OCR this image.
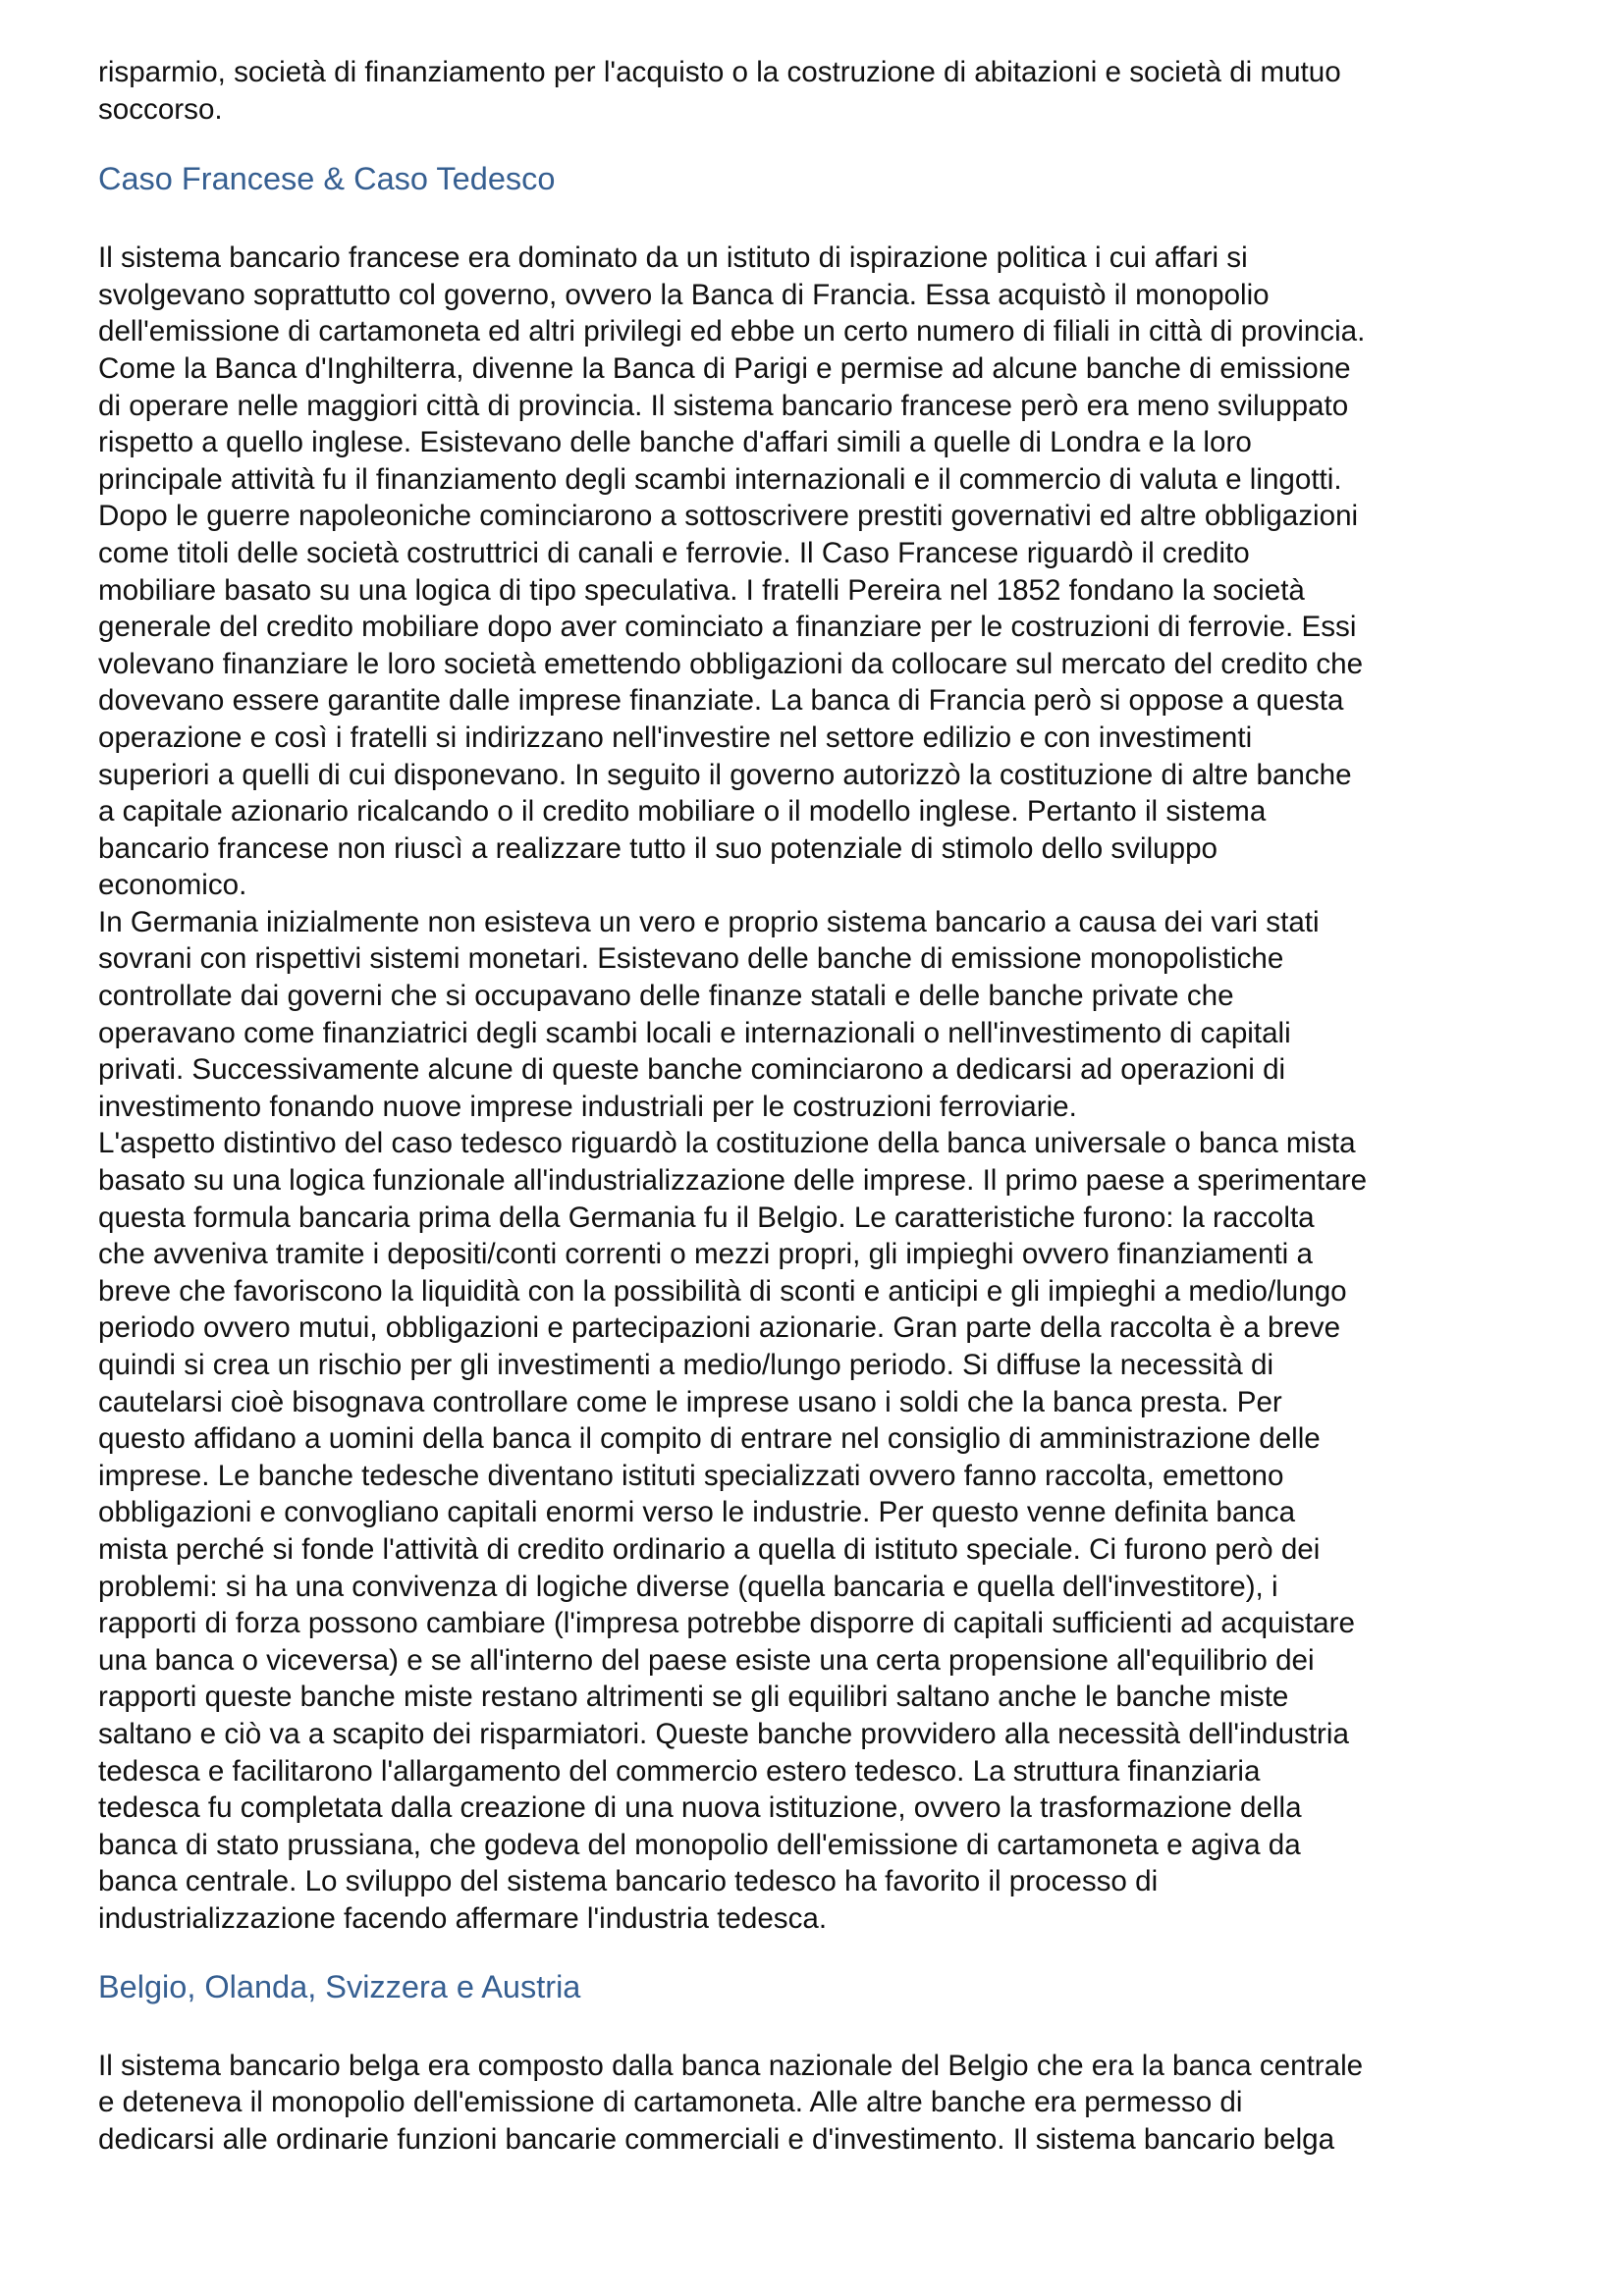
risparmio, società di finanziamento per l'acquisto o la costruzione di abitazioni e società di mutuo
soccorso.
Caso Francese & Caso Tedesco
Il sistema bancario francese era dominato da un istituto di ispirazione politica i cui affari si
svolgevano soprattutto col governo, ovvero la Banca di Francia. Essa acquistò il monopolio
dell'emissione di cartamoneta ed altri privilegi ed ebbe un certo numero di filiali in città di provincia.
Come la Banca d'Inghilterra, divenne la Banca di Parigi e permise ad alcune banche di emissione
di operare nelle maggiori città di provincia. Il sistema bancario francese però era meno sviluppato
rispetto a quello inglese. Esistevano delle banche d'affari simili a quelle di Londra e la loro
principale attività fu il finanziamento degli scambi internazionali e il commercio di valuta e lingotti.
Dopo le guerre napoleoniche cominciarono a sottoscrivere prestiti governativi ed altre obbligazioni
come titoli delle società costruttrici di canali e ferrovie. Il Caso Francese riguardò il credito
mobiliare basato su una logica di tipo speculativa. I fratelli Pereira nel 1852 fondano la società
generale del credito mobiliare dopo aver cominciato a finanziare per le costruzioni di ferrovie. Essi
volevano finanziare le loro società emettendo obbligazioni da collocare sul mercato del credito che
dovevano essere garantite dalle imprese finanziate. La banca di Francia però si oppose a questa
operazione e così i fratelli si indirizzano nell'investire nel settore edilizio e con investimenti
superiori a quelli di cui disponevano. In seguito il governo autorizzò la costituzione di altre banche
a capitale azionario ricalcando o il credito mobiliare o il modello inglese. Pertanto il sistema
bancario francese non riuscì a realizzare tutto il suo potenziale di stimolo dello sviluppo
economico.
In Germania inizialmente non esisteva un vero e proprio sistema bancario a causa dei vari stati
sovrani con rispettivi sistemi monetari. Esistevano delle banche di emissione monopolistiche
controllate dai governi che si occupavano delle finanze statali e delle banche private che
operavano come finanziatrici degli scambi locali e internazionali o nell'investimento di capitali
privati. Successivamente alcune di queste banche cominciarono a dedicarsi ad operazioni di
investimento fonando nuove imprese industriali per le costruzioni ferroviarie.
L'aspetto distintivo del caso tedesco riguardò la costituzione della banca universale o banca mista
basato su una logica funzionale all'industrializzazione delle imprese. Il primo paese a sperimentare
questa formula bancaria prima della Germania fu il Belgio. Le caratteristiche furono: la raccolta
che avveniva tramite i depositi/conti correnti o mezzi propri, gli impieghi ovvero finanziamenti a
breve che favoriscono la liquidità con la possibilità di sconti e anticipi e gli impieghi a medio/lungo
periodo ovvero mutui, obbligazioni e partecipazioni azionarie. Gran parte della raccolta è a breve
quindi si crea un rischio per gli investimenti a medio/lungo periodo. Si diffuse la necessità di
cautelarsi cioè bisognava controllare come le imprese usano i soldi che la banca presta. Per
questo affidano a uomini della banca il compito di entrare nel consiglio di amministrazione delle
imprese. Le banche tedesche diventano istituti specializzati ovvero fanno raccolta, emettono
obbligazioni e convogliano capitali enormi verso le industrie. Per questo venne definita banca
mista perché si fonde l'attività di credito ordinario a quella di istituto speciale. Ci furono però dei
problemi: si ha una convivenza di logiche diverse (quella bancaria e quella dell'investitore), i
rapporti di forza possono cambiare (l'impresa potrebbe disporre di capitali sufficienti ad acquistare
una banca o viceversa) e se all'interno del paese esiste una certa propensione all'equilibrio dei
rapporti queste banche miste restano altrimenti se gli equilibri saltano anche le banche miste
saltano e ciò va a scapito dei risparmiatori. Queste banche provvidero alla necessità dell'industria
tedesca e facilitarono l'allargamento del commercio estero tedesco. La struttura finanziaria
tedesca fu completata dalla creazione di una nuova istituzione, ovvero la trasformazione della
banca di stato prussiana, che godeva del monopolio dell'emissione di cartamoneta e agiva da
banca centrale. Lo sviluppo del sistema bancario tedesco ha favorito il processo di
industrializzazione facendo affermare l'industria tedesca.
Belgio, Olanda, Svizzera e Austria
Il sistema bancario belga era composto dalla banca nazionale del Belgio che era la banca centrale
e deteneva il monopolio dell'emissione di cartamoneta. Alle altre banche era permesso di
dedicarsi alle ordinarie funzioni bancarie commerciali e d'investimento. Il sistema bancario belga
